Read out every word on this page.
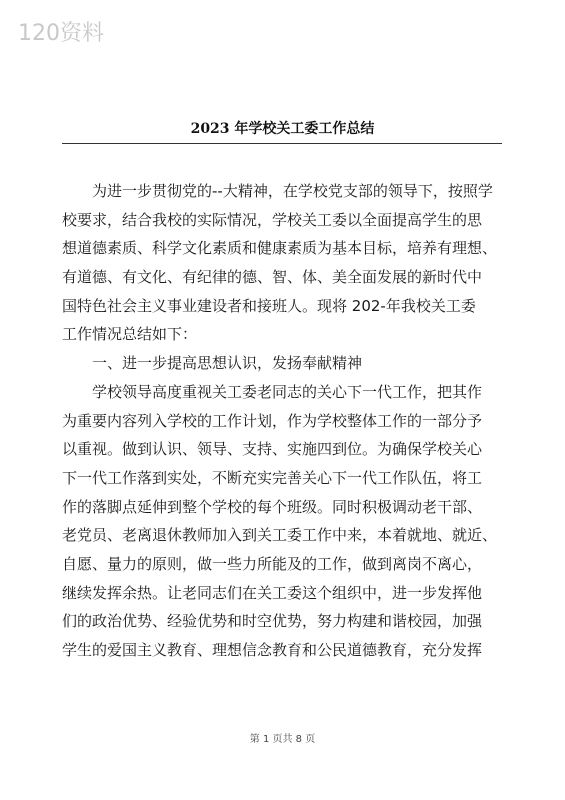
120资料
2023 年学校关工委工作总结
　　为进一步贯彻党的--大精神，在学校党支部的领导下，按照学
校要求，结合我校的实际情况，学校关工委以全面提高学生的思
想道德素质、科学文化素质和健康素质为基本目标，培养有理想、
有道德、有文化、有纪律的德、智、体、美全面发展的新时代中
国特色社会主义事业建设者和接班人。现将 202-年我校关工委
工作情况总结如下：
　　一、进一步提高思想认识，发扬奉献精神
　　学校领导高度重视关工委老同志的关心下一代工作，把其作
为重要内容列入学校的工作计划，作为学校整体工作的一部分予
以重视。做到认识、领导、支持、实施四到位。为确保学校关心
下一代工作落到实处，不断充实完善关心下一代工作队伍，将工
作的落脚点延伸到整个学校的每个班级。同时积极调动老干部、
老党员、老离退休教师加入到关工委工作中来，本着就地、就近、
自愿、量力的原则，做一些力所能及的工作，做到离岗不离心，
继续发挥余热。让老同志们在关工委这个组织中，进一步发挥他
们的政治优势、经验优势和时空优势，努力构建和谐校园，加强
学生的爱国主义教育、理想信念教育和公民道德教育，充分发挥
第 1 页共 8 页
